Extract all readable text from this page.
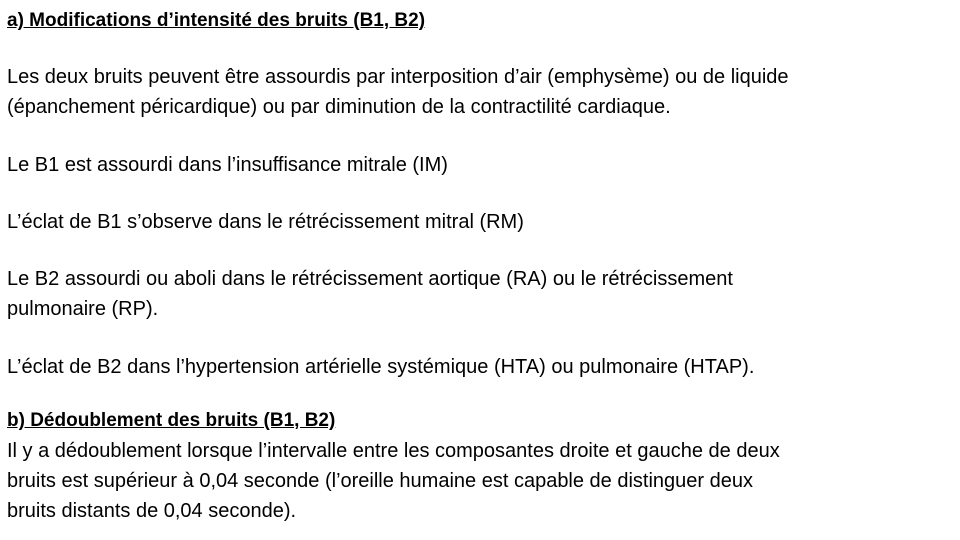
a) Modifications d’intensité des bruits (B1, B2)
Les deux bruits peuvent être assourdis par interposition d’air (emphysème) ou de liquide
(épanchement péricardique) ou par diminution de la contractilité cardiaque.
Le B1 est assourdi dans l’insuffisance mitrale (IM)
L’éclat de B1 s’observe dans le rétrécissement mitral (RM)
Le B2 assourdi ou aboli dans le rétrécissement aortique (RA) ou le rétrécissement
pulmonaire (RP).
L’éclat de B2 dans l’hypertension artérielle systémique (HTA) ou pulmonaire (HTAP).
b) Dédoublement des bruits (B1, B2)
Il y a dédoublement lorsque l’intervalle entre les composantes droite et gauche de deux
bruits est supérieur à 0,04 seconde (l’oreille humaine est capable de distinguer deux
bruits distants de 0,04 seconde).
